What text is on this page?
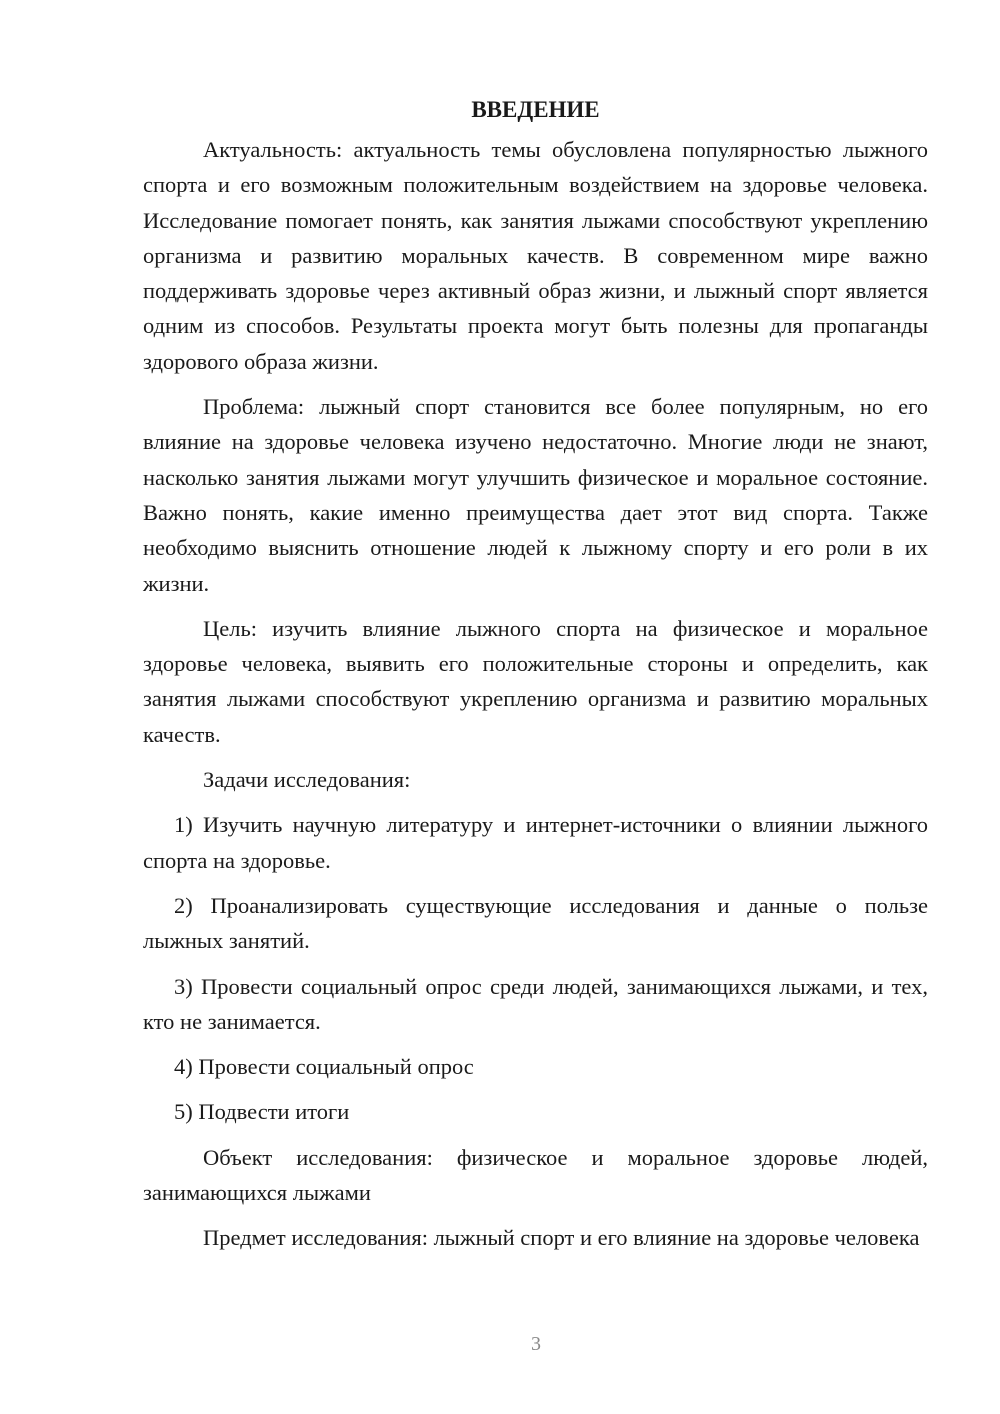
ВВЕДЕНИЕ

Актуальность: актуальность темы обусловлена популярностью лыжного спорта и его возможным положительным воздействием на здоровье человека. Исследование помогает понять, как занятия лыжами способствуют укреплению организма и развитию моральных качеств. В современном мире важно поддерживать здоровье через активный образ жизни, и лыжный спорт является одним из способов. Результаты проекта могут быть полезны для пропаганды здорового образа жизни.

Проблема: лыжный спорт становится все более популярным, но его влияние на здоровье человека изучено недостаточно. Многие люди не знают, насколько занятия лыжами могут улучшить физическое и моральное состояние. Важно понять, какие именно преимущества дает этот вид спорта. Также необходимо выяснить отношение людей к лыжному спорту и его роли в их жизни.

Цель: изучить влияние лыжного спорта на физическое и моральное здоровье человека, выявить его положительные стороны и определить, как занятия лыжами способствуют укреплению организма и развитию моральных качеств.

Задачи исследования:

1) Изучить научную литературу и интернет-источники о влиянии лыжного спорта на здоровье.

2) Проанализировать существующие исследования и данные о пользе лыжных занятий.

3) Провести социальный опрос среди людей, занимающихся лыжами, и тех, кто не занимается.

4) Провести социальный опрос

5) Подвести итоги

Объект исследования: физическое и моральное здоровье людей, занимающихся лыжами

Предмет исследования: лыжный спорт и его влияние на здоровье человека

3
